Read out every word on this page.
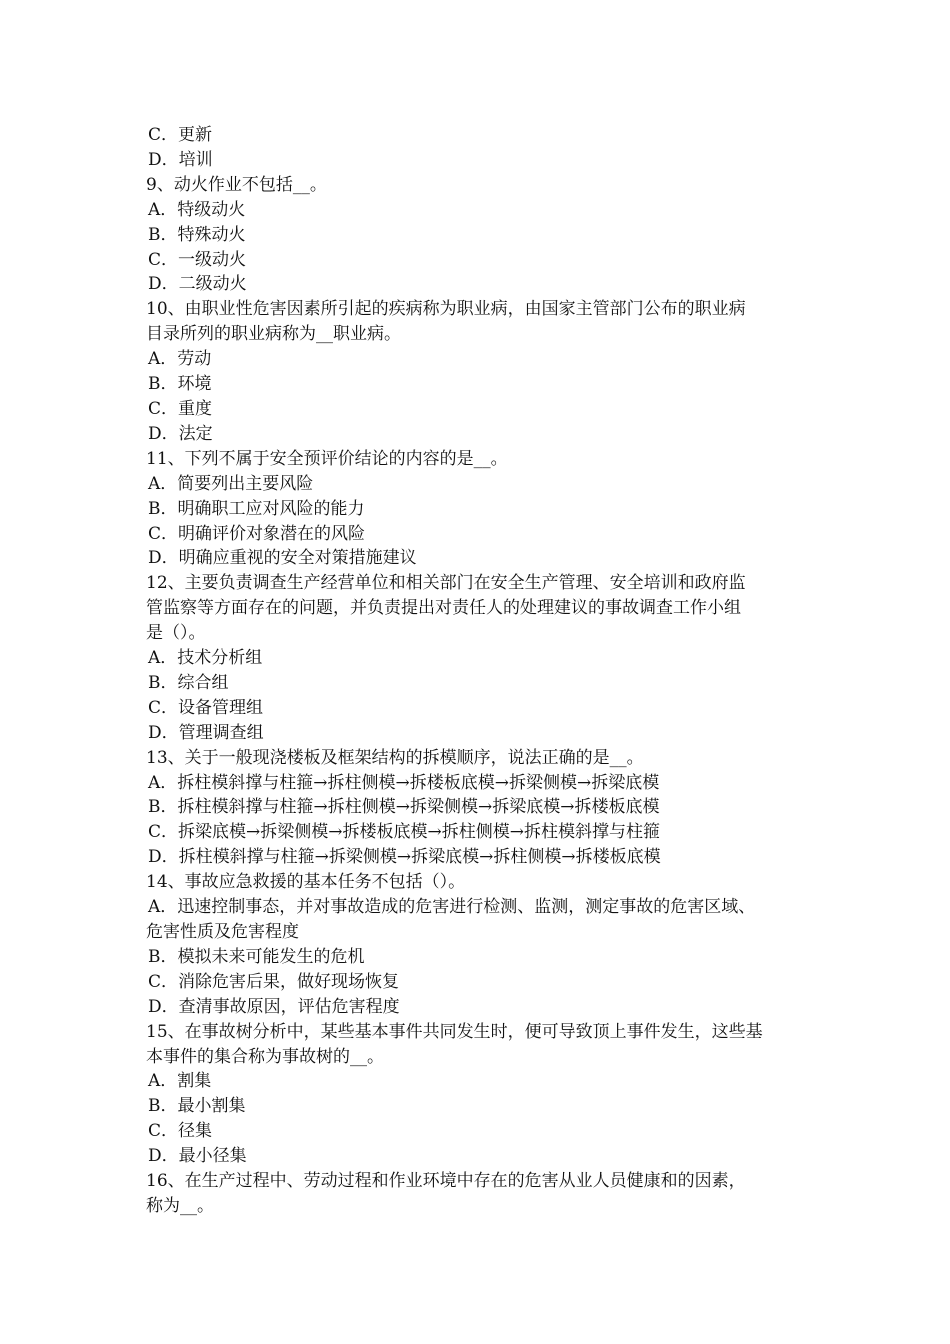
C．更新

D．培训

9、动火作业不包括__。

A．特级动火

B．特殊动火

C．一级动火

D．二级动火

10、由职业性危害因素所引起的疾病称为职业病，由国家主管部门公布的职业病

目录所列的职业病称为__职业病。

A．劳动

B．环境

C．重度

D．法定

11、下列不属于安全预评价结论的内容的是__。

A．简要列出主要风险

B．明确职工应对风险的能力

C．明确评价对象潜在的风险

D．明确应重视的安全对策措施建议

12、主要负责调查生产经营单位和相关部门在安全生产管理、安全培训和政府监

管监察等方面存在的问题，并负责提出对责任人的处理建议的事故调查工作小组

是（）。

A．技术分析组

B．综合组

C．设备管理组

D．管理调查组

13、关于一般现浇楼板及框架结构的拆模顺序，说法正确的是__。

A．拆柱模斜撑与柱箍→拆柱侧模→拆楼板底模→拆梁侧模→拆梁底模

B．拆柱模斜撑与柱箍→拆柱侧模→拆梁侧模→拆梁底模→拆楼板底模

C．拆梁底模→拆梁侧模→拆楼板底模→拆柱侧模→拆柱模斜撑与柱箍

D．拆柱模斜撑与柱箍→拆梁侧模→拆梁底模→拆柱侧模→拆楼板底模

14、事故应急救援的基本任务不包括（）。

A．迅速控制事态，并对事故造成的危害进行检测、监测，测定事故的危害区域、

危害性质及危害程度

B．模拟未来可能发生的危机

C．消除危害后果，做好现场恢复

D．查清事故原因，评估危害程度

15、在事故树分析中，某些基本事件共同发生时，便可导致顶上事件发生，这些基

本事件的集合称为事故树的__。

A．割集

B．最小割集

C．径集

D．最小径集

16、在生产过程中、劳动过程和作业环境中存在的危害从业人员健康和的因素，

称为__。
